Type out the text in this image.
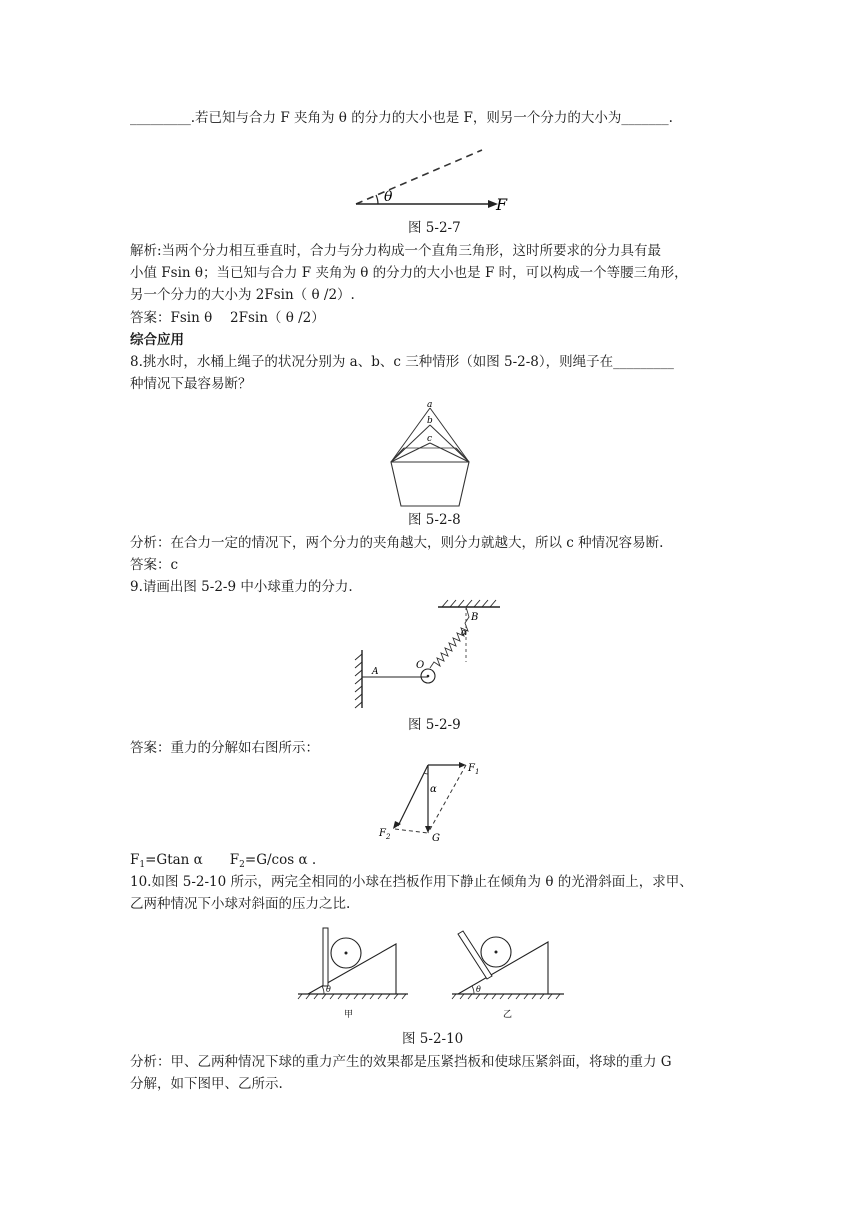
_________.若已知与合力 F 夹角为 θ 的分力的大小也是 F，则另一个分力的大小为_______.
θ	F
图 5-2-7
解析:当两个分力相互垂直时，合力与分力构成一个直角三角形，这时所要求的分力具有最
小值 Fsin θ；当已知与合力 F 夹角为 θ 的分力的大小也是 F 时，可以构成一个等腰三角形，
另一个分力的大小为 2Fsin（ θ /2）.
答案：Fsin θ　 2Fsin（ θ /2）
综合应用
8.挑水时，水桶上绳子的状况分别为 a、b、c 三种情形（如图 5-2-8），则绳子在_________
种情况下最容易断？
a
b
c
图 5-2-8
分析：在合力一定的情况下，两个分力的夹角越大，则分力就越大，所以 c 种情况容易断.
答案：c
9.请画出图 5-2-9 中小球重力的分力.
A
O
B
α
图 5-2-9
答案：重力的分解如右图所示：
α
$F_1$
$F_2$	G
$F_1=Gtan$ α　　 $F_2=G/\cos$ α .
10.如图 5-2-10 所示，两完全相同的小球在挡板作用下静止在倾角为 θ 的光滑斜面上，求甲、
乙两种情况下小球对斜面的压力之比.
θ
甲
θ
乙
图 5-2-10
分析：甲、乙两种情况下球的重力产生的效果都是压紧挡板和使球压紧斜面，将球的重力 G
分解，如下图甲、乙所示.
